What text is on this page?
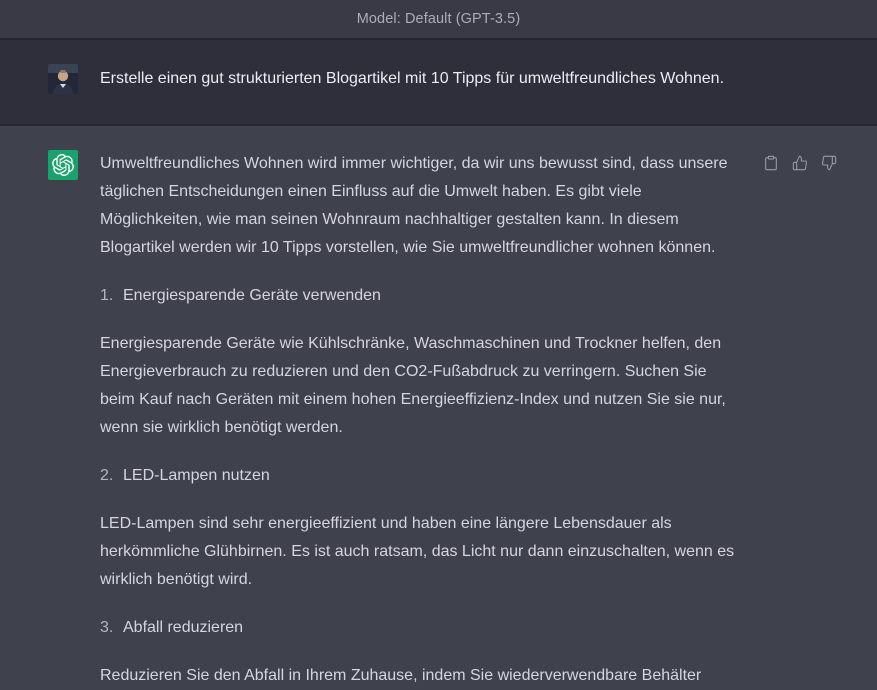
Model: Default (GPT-3.5)
Erstelle einen gut strukturierten Blogartikel mit 10 Tipps für umweltfreundliches Wohnen.

Umweltfreundliches Wohnen wird immer wichtiger, da wir uns bewusst sind, dass unsere täglichen Entscheidungen einen Einfluss auf die Umwelt haben. Es gibt viele Möglichkeiten, wie man seinen Wohnraum nachhaltiger gestalten kann. In diesem Blogartikel werden wir 10 Tipps vorstellen, wie Sie umweltfreundlicher wohnen können.

1. Energiesparende Geräte verwenden

Energiesparende Geräte wie Kühlschränke, Waschmaschinen und Trockner helfen, den Energieverbrauch zu reduzieren und den CO2-Fußabdruck zu verringern. Suchen Sie beim Kauf nach Geräten mit einem hohen Energieeffizienz-Index und nutzen Sie sie nur, wenn sie wirklich benötigt werden.

2. LED-Lampen nutzen

LED-Lampen sind sehr energieeffizient und haben eine längere Lebensdauer als herkömmliche Glühbirnen. Es ist auch ratsam, das Licht nur dann einzuschalten, wenn es wirklich benötigt wird.

3. Abfall reduzieren

Reduzieren Sie den Abfall in Ihrem Zuhause, indem Sie wiederverwendbare Behälter
